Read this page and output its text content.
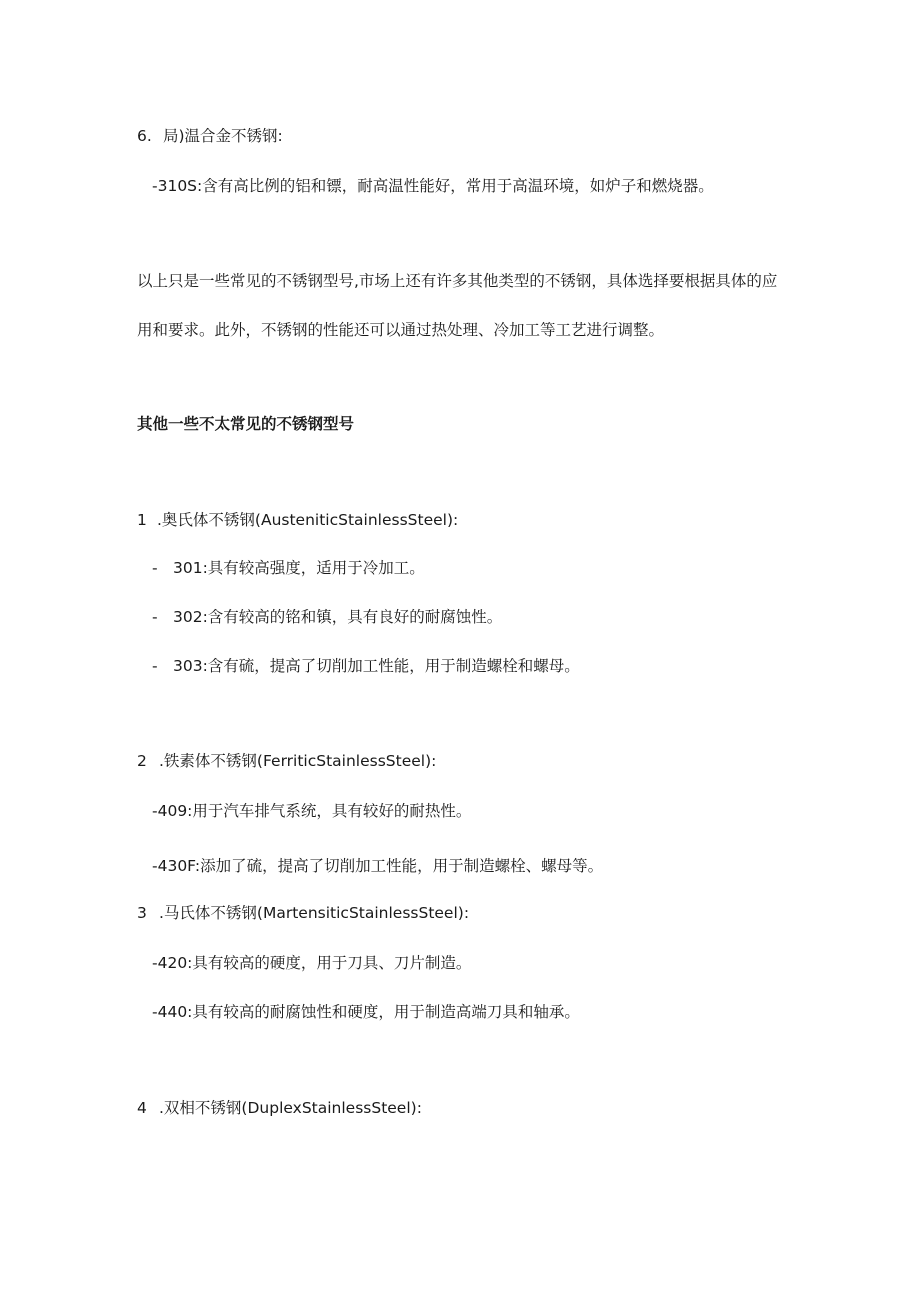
6. 局)温合金不锈钢:
-310S:含有高比例的铝和镖，耐高温性能好，常用于高温环境，如炉子和燃烧器。
以上只是一些常见的不锈钢型号,市场上还有许多其他类型的不锈钢，具体选择要根据具体的应
用和要求。此外，不锈钢的性能还可以通过热处理、冷加工等工艺进行调整。
其他一些不太常见的不锈钢型号
1 .奥氏体不锈钢(AusteniticStainlessSteel):
- 301:具有较高强度，适用于冷加工。
- 302:含有较高的铭和镇，具有良好的耐腐蚀性。
- 303:含有硫，提高了切削加工性能，用于制造螺栓和螺母。
2 .铁素体不锈钢(FerriticStainlessSteel):
-409:用于汽车排气系统，具有较好的耐热性。
-430F:添加了硫，提高了切削加工性能，用于制造螺栓、螺母等。
3 .马氏体不锈钢(MartensiticStainlessSteel):
-420:具有较高的硬度，用于刀具、刀片制造。
-440:具有较高的耐腐蚀性和硬度，用于制造高端刀具和轴承。
4 .双相不锈钢(DuplexStainlessSteel):
